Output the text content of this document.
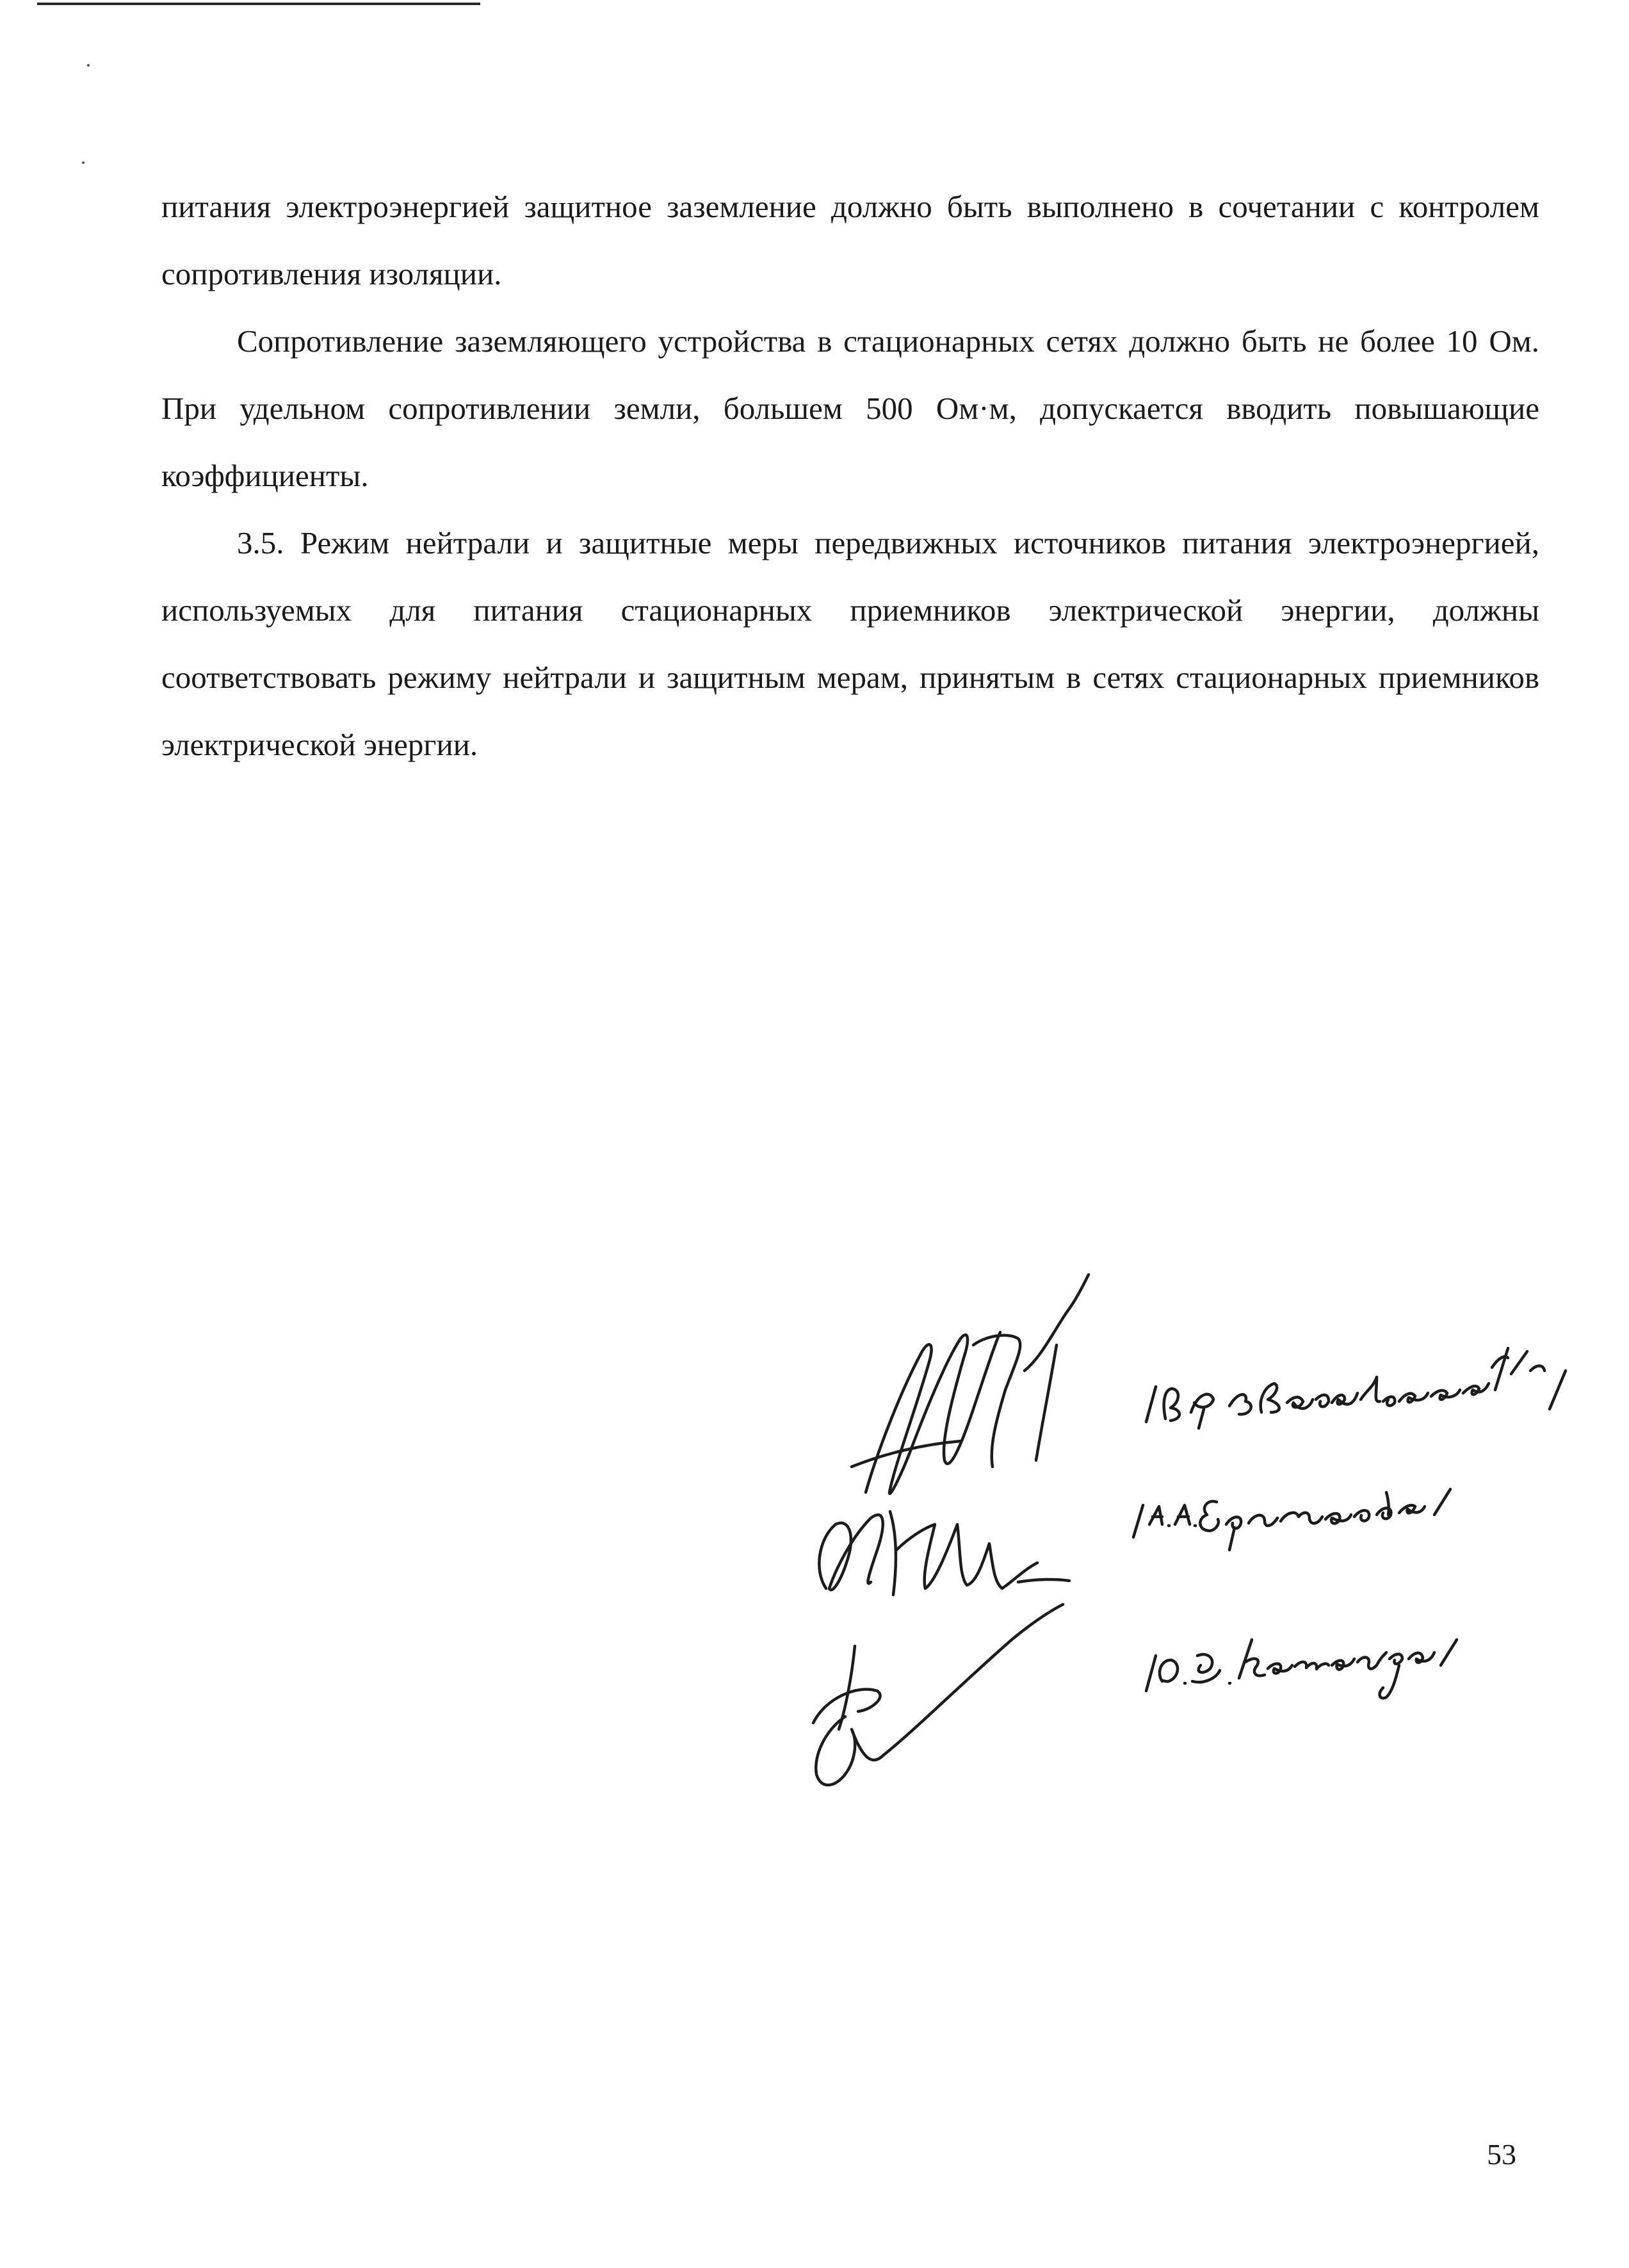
питания электроэнергией защитное заземление должно быть выполнено в сочетании с контролем сопротивления изоляции.

Сопротивление заземляющего устройства в стационарных сетях должно быть не более 10 Ом. При удельном сопротивлении земли, большем 500 Ом·м, допускается вводить повышающие коэффициенты.

3.5. Режим нейтрали и защитные меры передвижных источников питания электроэнергией, используемых для питания стационарных приемников электрической энергии, должны соответствовать режиму нейтрали и защитным мерам, принятым в сетях стационарных приемников электрической энергии.

53
